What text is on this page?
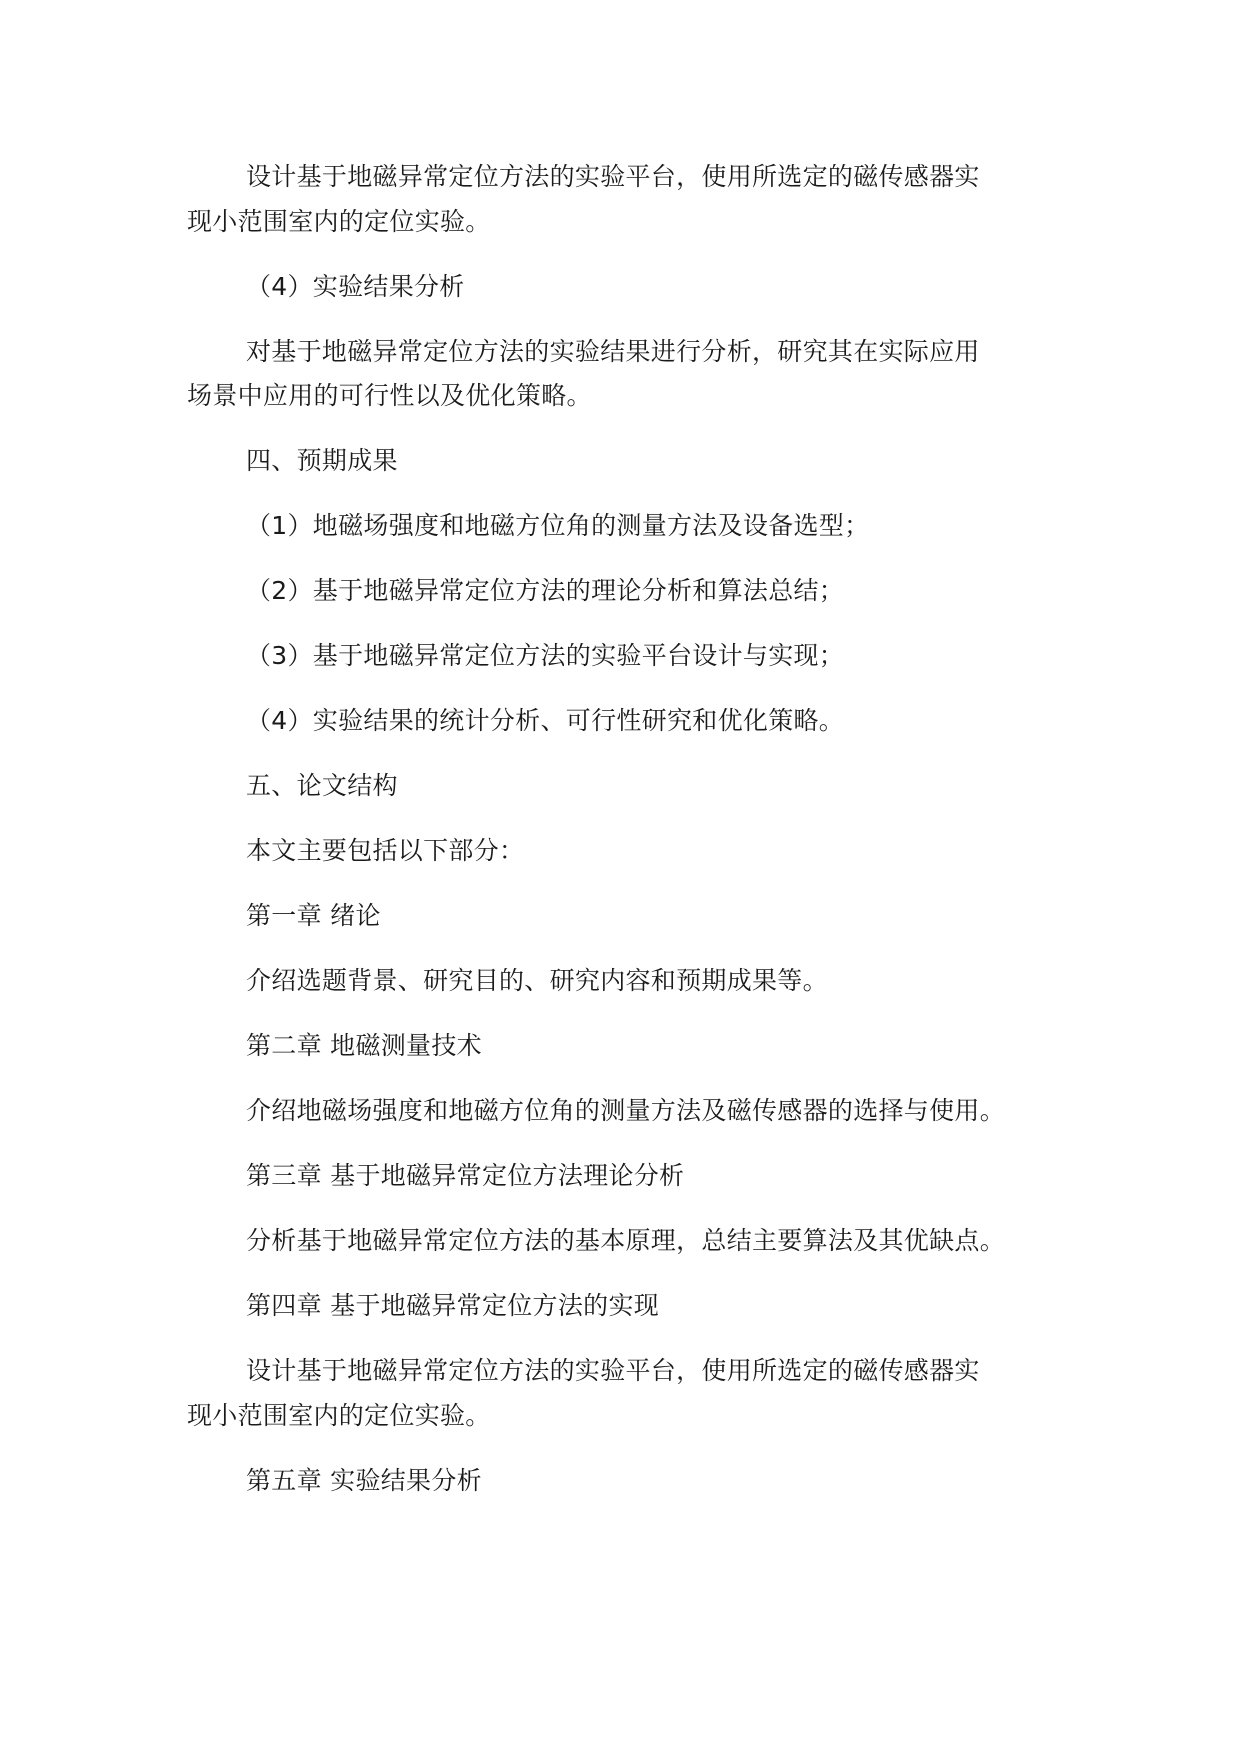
设计基于地磁异常定位方法的实验平台，使用所选定的磁传感器实
现小范围室内的定位实验。
（4）实验结果分析
对基于地磁异常定位方法的实验结果进行分析，研究其在实际应用
场景中应用的可行性以及优化策略。
四、预期成果
（1）地磁场强度和地磁方位角的测量方法及设备选型；
（2）基于地磁异常定位方法的理论分析和算法总结；
（3）基于地磁异常定位方法的实验平台设计与实现；
（4）实验结果的统计分析、可行性研究和优化策略。
五、论文结构
本文主要包括以下部分：
第一章 绪论
介绍选题背景、研究目的、研究内容和预期成果等。
第二章 地磁测量技术
介绍地磁场强度和地磁方位角的测量方法及磁传感器的选择与使用。
第三章 基于地磁异常定位方法理论分析
分析基于地磁异常定位方法的基本原理，总结主要算法及其优缺点。
第四章 基于地磁异常定位方法的实现
设计基于地磁异常定位方法的实验平台，使用所选定的磁传感器实
现小范围室内的定位实验。
第五章 实验结果分析
